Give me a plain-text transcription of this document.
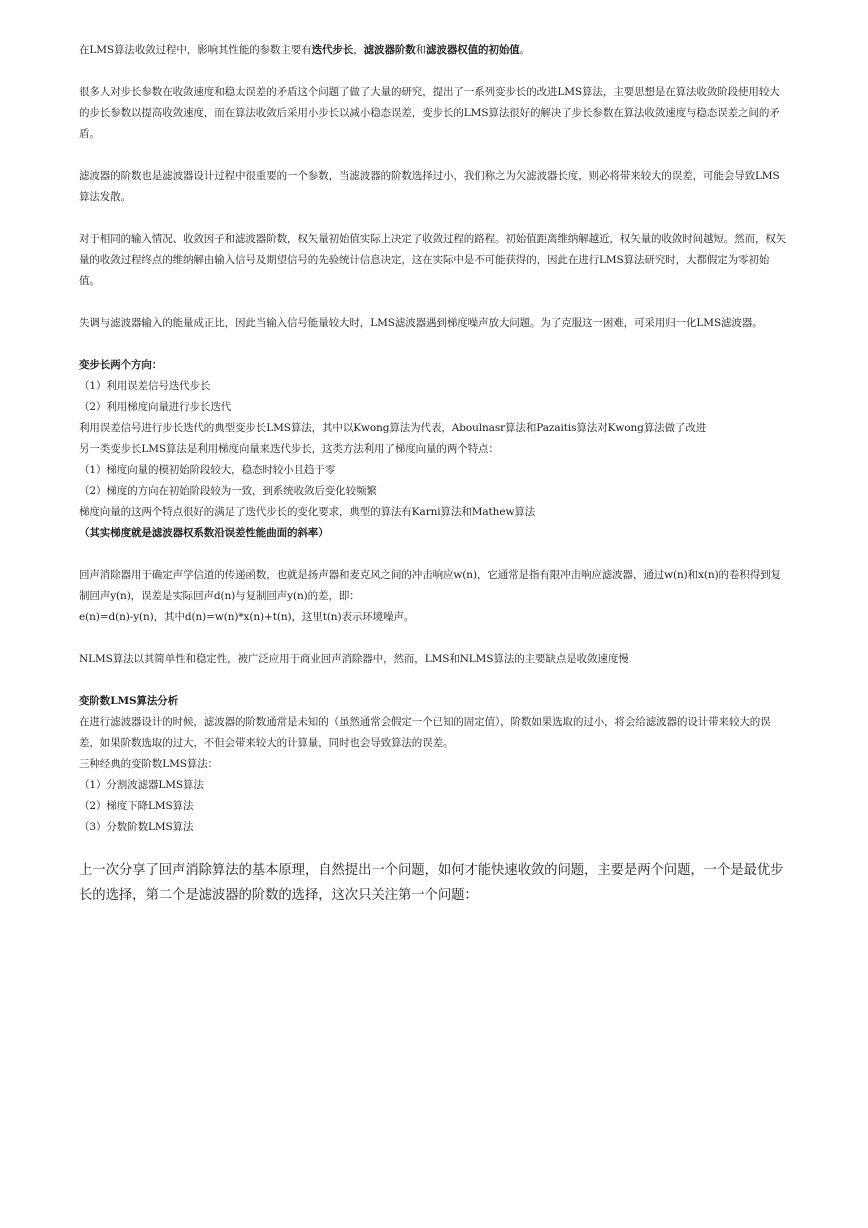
在LMS算法收敛过程中，影响其性能的参数主要有迭代步长，滤波器阶数和滤波器权值的初始值。

很多人对步长参数在收敛速度和稳太误差的矛盾这个问题了做了大量的研究，提出了一系列变步长的改进LMS算法，主要思想是在算法收敛阶段使用较大的步长参数以提高收敛速度，而在算法收敛后采用小步长以减小稳态误差，变步长的LMS算法很好的解决了步长参数在算法收敛速度与稳态误差之间的矛盾。

滤波器的阶数也是滤波器设计过程中很重要的一个参数，当滤波器的阶数选择过小，我们称之为欠滤波器长度，则必将带来较大的误差，可能会导致LMS算法发散。

对于相同的输入情况、收敛因子和滤波器阶数，权矢量初始值实际上决定了收敛过程的路程。初始值距离维纳解越近，权矢量的收敛时间越短。然而，权矢量的收敛过程终点的维纳解由输入信号及期望信号的先验统计信息决定，这在实际中是不可能获得的，因此在进行LMS算法研究时，大都假定为零初始值。

失调与滤波器输入的能量成正比，因此当输入信号能量较大时，LMS滤波器遇到梯度噪声放大问题。为了克服这一困难，可采用归一化LMS滤波器。

变步长两个方向：

（1）利用误差信号迭代步长

（2）利用梯度向量进行步长迭代

利用误差信号进行步长迭代的典型变步长LMS算法，其中以Kwong算法为代表，Aboulnasr算法和Pazaitis算法对Kwong算法做了改进

另一类变步长LMS算法是利用梯度向量来迭代步长，这类方法利用了梯度向量的两个特点：

（1）梯度向量的模初始阶段较大，稳态时较小且趋于零

（2）梯度的方向在初始阶段较为一致，到系统收敛后变化较频繁

梯度向量的这两个特点很好的满足了迭代步长的变化要求，典型的算法有Karni算法和Mathew算法

（其实梯度就是滤波器权系数沿误差性能曲面的斜率）

回声消除器用于确定声学信道的传递函数，也就是扬声器和麦克风之间的冲击响应w(n)，它通常是指有限冲击响应滤波器，通过w(n)和x(n)的卷积得到复制回声y(n)，误差是实际回声d(n)与复制回声y(n)的差，即：

e(n)=d(n)-y(n)，其中d(n)=w(n)*x(n)+t(n)，这里t(n)表示环境噪声。

NLMS算法以其简单性和稳定性，被广泛应用于商业回声消除器中，然而，LMS和NLMS算法的主要缺点是收敛速度慢

变阶数LMS算法分析

在进行滤波器设计的时候，滤波器的阶数通常是未知的（虽然通常会假定一个已知的固定值），阶数如果选取的过小，将会给滤波器的设计带来较大的误差，如果阶数选取的过大，不但会带来较大的计算量，同时也会导致算法的误差。

三种经典的变阶数LMS算法：

（1）分割波滤器LMS算法

（2）梯度下降LMS算法

（3）分数阶数LMS算法

上一次分享了回声消除算法的基本原理，自然提出一个问题，如何才能快速收敛的问题，主要是两个问题，一个是最优步长的选择，第二个是滤波器的阶数的选择，这次只关注第一个问题：
